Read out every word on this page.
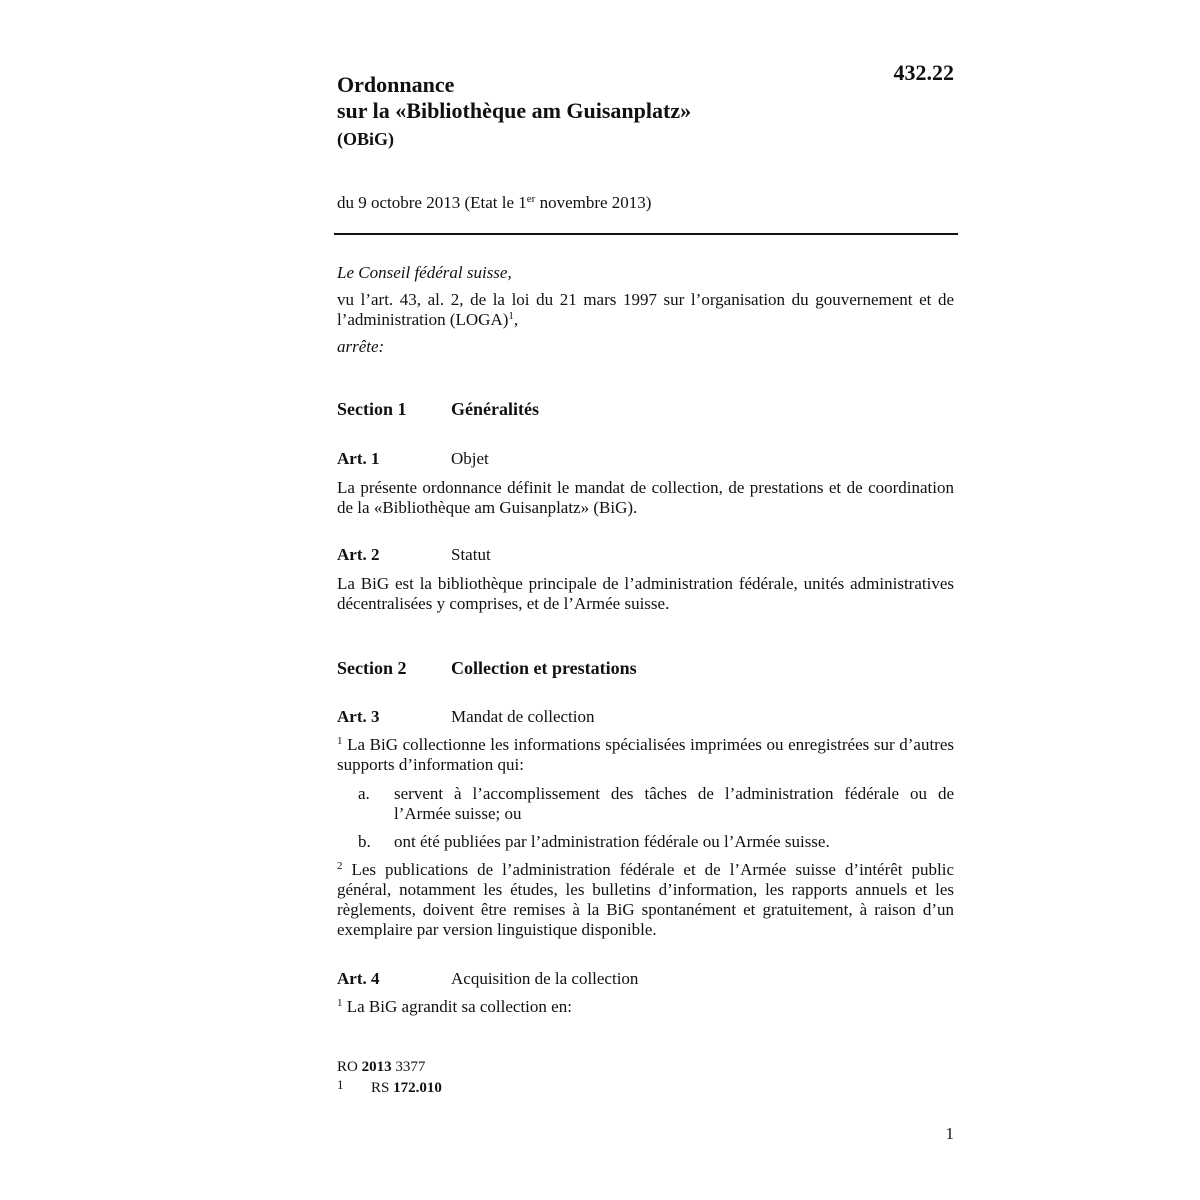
432.22
Ordonnance
sur la «Bibliothèque am Guisanplatz»
(OBiG)
du 9 octobre 2013 (Etat le 1er novembre 2013)
Le Conseil fédéral suisse,
vu l’art. 43, al. 2, de la loi du 21 mars 1997 sur l’organisation du gouvernement et de l’administration (LOGA)$^1$,
arrête:
Section 1 Généralités
Art. 1	Objet
La présente ordonnance définit le mandat de collection, de prestations et de coordination de la «Bibliothèque am Guisanplatz» (BiG).
Art. 2	Statut
La BiG est la bibliothèque principale de l’administration fédérale, unités administratives décentralisées y comprises, et de l’Armée suisse.
Section 2 Collection et prestations
Art. 3	Mandat de collection
$^1$ La BiG collectionne les informations spécialisées imprimées ou enregistrées sur d’autres supports d’information qui:
a. servent à l’accomplissement des tâches de l’administration fédérale ou de l’Armée suisse; ou
b. ont été publiées par l’administration fédérale ou l’Armée suisse.
$^2$ Les publications de l’administration fédérale et de l’Armée suisse d’intérêt public général, notamment les études, les bulletins d’information, les rapports annuels et les règlements, doivent être remises à la BiG spontanément et gratuitement, à raison d’un exemplaire par version linguistique disponible.
Art. 4	Acquisition de la collection
$^1$ La BiG agrandit sa collection en:
RO 2013 3377
1 RS 172.010
1
